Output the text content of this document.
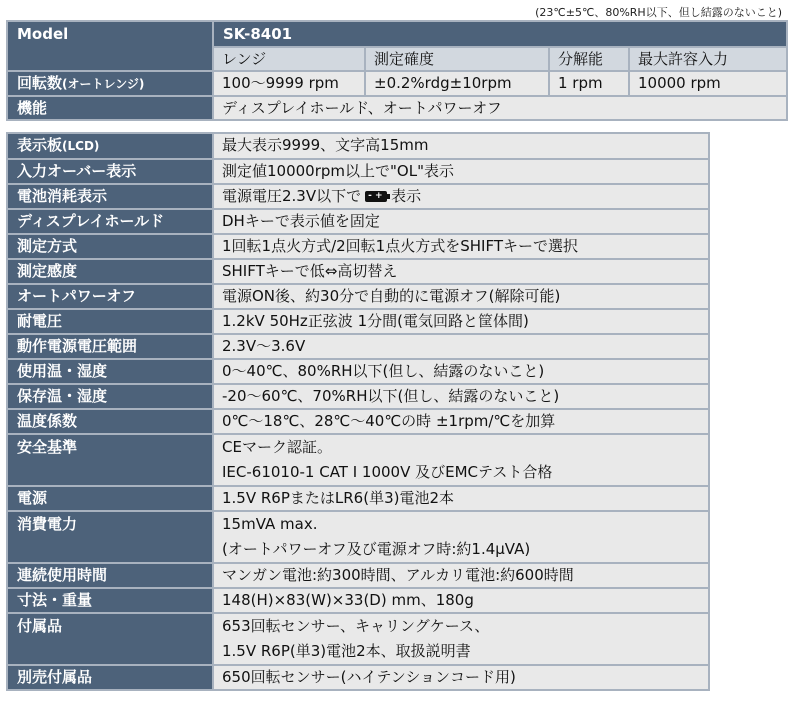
(23℃±5℃、80%RH以下、但し結露のないこと)
Model	SK-8401			
	レンジ	測定確度	分解能	最大許容入力
回転数(オートレンジ)	100～9999 rpm	±0.2%rdg±10rpm	1 rpm	10000 rpm
機能	ディスプレイホールド、オートパワーオフ			
表示板(LCD)	最大表示9999、文字高15mm

入力オーバー表示	測定値10000rpm以上で"OL"表示

電池消耗表示	電源電圧2.3V以下で - + 表示
ディスプレイホールド	DHキーで表示値を固定

測定方式	1回転1点火方式/2回転1点火方式をSHIFTキーで選択

測定感度	SHIFTキーで低⇔高切替え

オートパワーオフ	電源ON後、約30分で自動的に電源オフ(解除可能)

耐電圧	1.2kV 50Hz正弦波 1分間(電気回路と筐体間)

動作電源電圧範囲	2.3V～3.6V

使用温・湿度	0～40℃、80%RH以下(但し、結露のないこと)

保存温・湿度	-20～60℃、70%RH以下(但し、結露のないこと)

温度係数	0℃～18℃、28℃～40℃の時 ±1rpm/℃を加算

安全基準	CEマーク認証。
IEC-61010-1 CAT Ⅰ 1000V 及びEMCテスト合格

電源	1.5V R6PまたはLR6(単3)電池2本

消費電力	15mVA max.
(オートパワーオフ及び電源オフ時:約1.4μVA)

連続使用時間	マンガン電池:約300時間、アルカリ電池:約600時間

寸法・重量	148(H)×83(W)×33(D) mm、180g

付属品	653回転センサー、キャリングケース、
1.5V R6P(単3)電池2本、取扱説明書

別売付属品	650回転センサー(ハイテンションコード用)
